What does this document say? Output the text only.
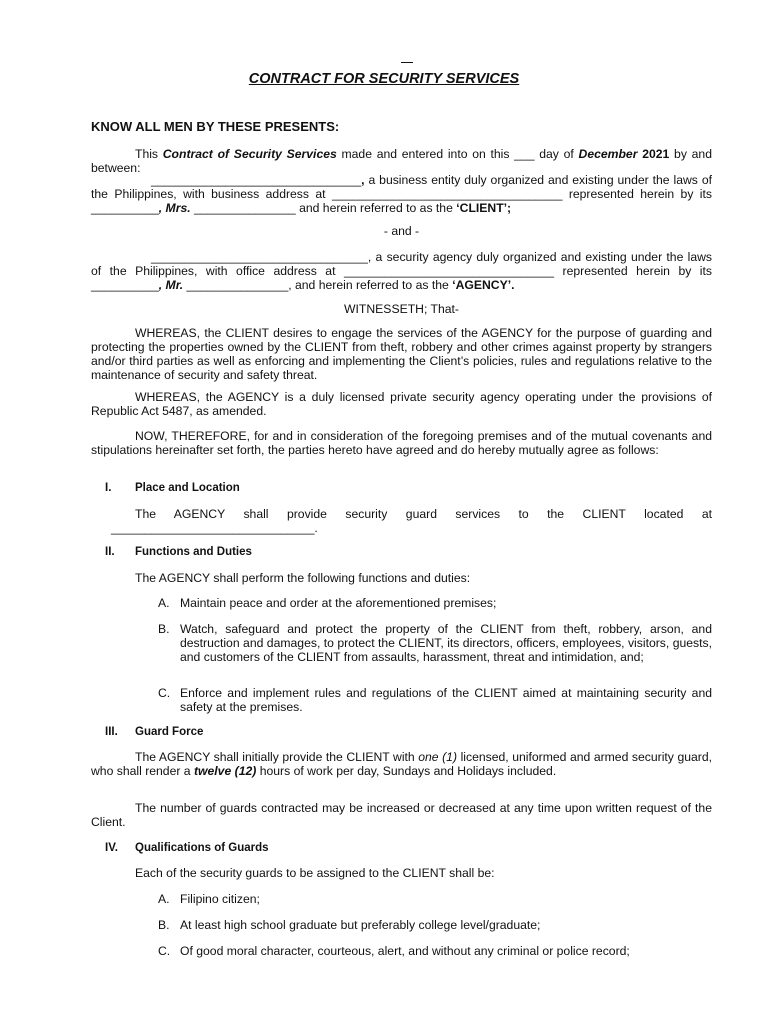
CONTRACT FOR SECURITY SERVICES
KNOW ALL MEN BY THESE PRESENTS:

This Contract of Security Services made and entered into on this ___ day of December 2021 by and between:

_______________________________, a business entity duly organized and existing under the laws of the Philippines, with business address at __________________________________ represented herein by its __________, Mrs. _______________ and herein referred to as the ‘CLIENT’;

- and -

________________________________, a security agency duly organized and existing under the laws of the Philippines, with office address at _______________________________ represented herein by its __________, Mr. _______________, and herein referred to as the ‘AGENCY’.

WITNESSETH; That-

WHEREAS, the CLIENT desires to engage the services of the AGENCY for the purpose of guarding and protecting the properties owned by the CLIENT from theft, robbery and other crimes against property by strangers and/or third parties as well as enforcing and implementing the Client’s policies, rules and regulations relative to the maintenance of security and safety threat.

WHEREAS, the AGENCY is a duly licensed private security agency operating under the provisions of Republic Act 5487, as amended.

NOW, THEREFORE, for and in consideration of the foregoing premises and of the mutual covenants and stipulations hereinafter set forth, the parties hereto have agreed and do hereby mutually agree as follows:

I. Place and Location

The AGENCY shall provide security guard services to the CLIENT located at

______________________________.

II. Functions and Duties

The AGENCY shall perform the following functions and duties:

A. Maintain peace and order at the aforementioned premises;
B. Watch, safeguard and protect the property of the CLIENT from theft, robbery, arson, and destruction and damages, to protect the CLIENT, its directors, officers, employees, visitors, guests, and customers of the CLIENT from assaults, harassment, threat and intimidation, and;
C. Enforce and implement rules and regulations of the CLIENT aimed at maintaining security and safety at the premises.
III. Guard Force

The AGENCY shall initially provide the CLIENT with one (1) licensed, uniformed and armed security guard, who shall render a twelve (12) hours of work per day, Sundays and Holidays included.

The number of guards contracted may be increased or decreased at any time upon written request of the Client.

IV. Qualifications of Guards

Each of the security guards to be assigned to the CLIENT shall be:

A. Filipino citizen;
B. At least high school graduate but preferably college level/graduate;
C. Of good moral character, courteous, alert, and without any criminal or police record;
